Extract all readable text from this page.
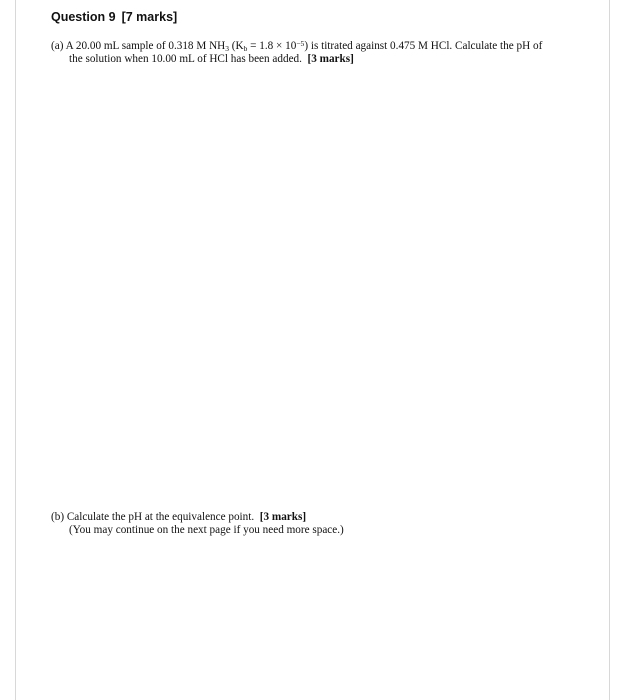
Question 9 [7 marks]
(a) A 20.00 mL sample of 0.318 M $NH_3$ $(K_b = 1.8 \times 10^{-5})$ is titrated against 0.475 M HCl. Calculate the pH of
the solution when 10.00 mL of HCl has been added. [3 marks]
(b) Calculate the pH at the equivalence point. [3 marks]
(You may continue on the next page if you need more space.)
